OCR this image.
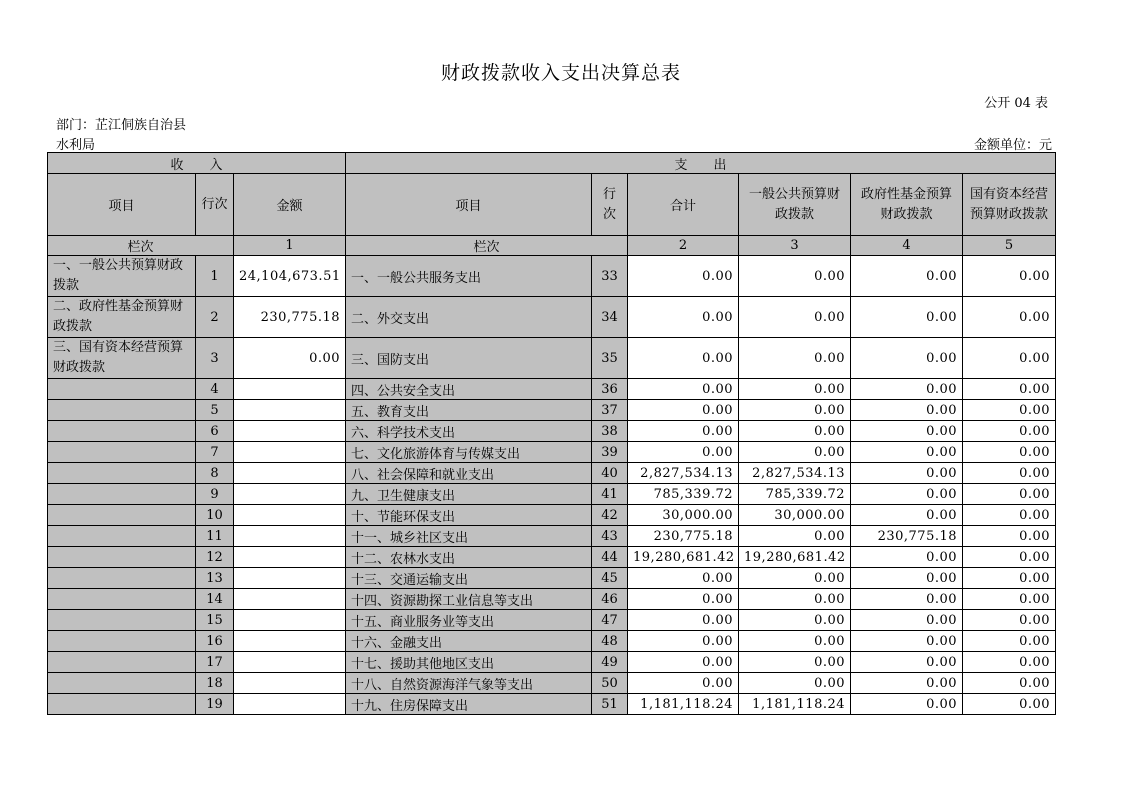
财政拨款收入支出决算总表
公开 04 表
部门：芷江侗族自治县
水利局	金额单位：元
收　　入			支　　出					
项目	行次	金额	项目	行次	合计	一般公共预算财政拨款	政府性基金预算财政拨款	国有资本经营预算财政拨款
栏次		1	栏次		2	3	4	5
一、一般公共预算财政拨款	1	24,104,673.51	一、一般公共服务支出	33	0.00	0.00	0.00	0.00
二、政府性基金预算财政拨款	2	230,775.18	二、外交支出	34	0.00	0.00	0.00	0.00
三、国有资本经营预算财政拨款	3	0.00	三、国防支出	35	0.00	0.00	0.00	0.00
	4		四、公共安全支出	36	0.00	0.00	0.00	0.00
	5		五、教育支出	37	0.00	0.00	0.00	0.00
	6		六、科学技术支出	38	0.00	0.00	0.00	0.00
	7		七、文化旅游体育与传媒支出	39	0.00	0.00	0.00	0.00
	8		八、社会保障和就业支出	40	2,827,534.13	2,827,534.13	0.00	0.00
	9		九、卫生健康支出	41	785,339.72	785,339.72	0.00	0.00
	10		十、节能环保支出	42	30,000.00	30,000.00	0.00	0.00
	11		十一、城乡社区支出	43	230,775.18	0.00	230,775.18	0.00
	12		十二、农林水支出	44	19,280,681.42	19,280,681.42	0.00	0.00
	13		十三、交通运输支出	45	0.00	0.00	0.00	0.00
	14		十四、资源勘探工业信息等支出	46	0.00	0.00	0.00	0.00
	15		十五、商业服务业等支出	47	0.00	0.00	0.00	0.00
	16		十六、金融支出	48	0.00	0.00	0.00	0.00
	17		十七、援助其他地区支出	49	0.00	0.00	0.00	0.00
	18		十八、自然资源海洋气象等支出	50	0.00	0.00	0.00	0.00
	19		十九、住房保障支出	51	1,181,118.24	1,181,118.24	0.00	0.00
